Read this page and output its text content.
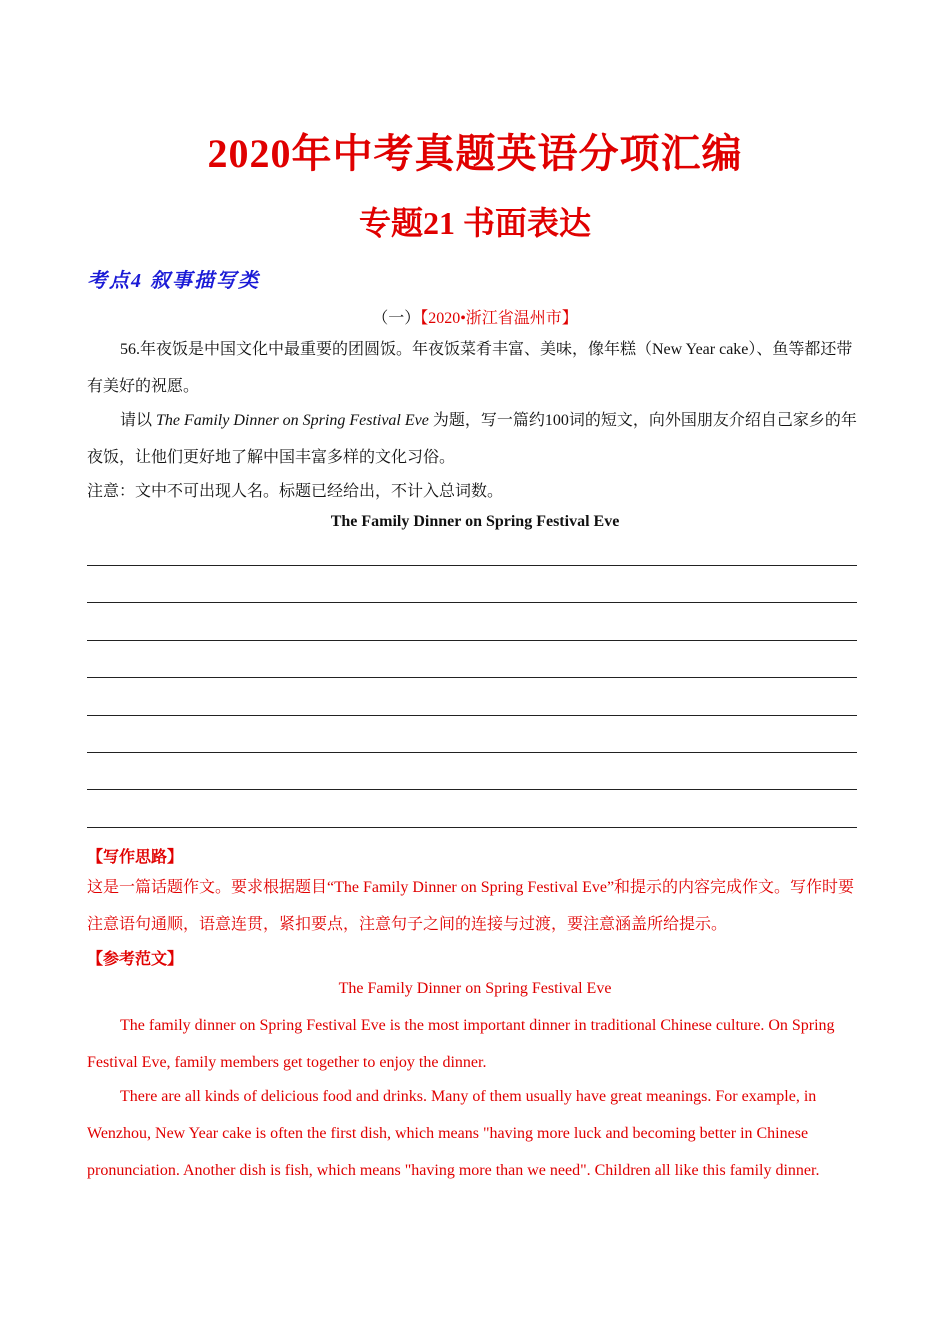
2020年中考真题英语分项汇编
专题21 书面表达
考点4 叙事描写类
（一）【2020•浙江省温州市】
56.年夜饭是中国文化中最重要的团圆饭。年夜饭菜肴丰富、美味，像年糕（New Year cake）、鱼等都还带有美好的祝愿。
请以 The Family Dinner on Spring Festival Eve 为题，写一篇约100词的短文，向外国朋友介绍自己家乡的年夜饭，让他们更好地了解中国丰富多样的文化习俗。
注意：文中不可出现人名。标题已经给出，不计入总词数。
The Family Dinner on Spring Festival Eve
【写作思路】
这是一篇话题作文。要求根据题目“The Family Dinner on Spring Festival Eve”和提示的内容完成作文。写作时要注意语句通顺，语意连贯，紧扣要点，注意句子之间的连接与过渡，要注意涵盖所给提示。
【参考范文】
The Family Dinner on Spring Festival Eve
The family dinner on Spring Festival Eve is the most important dinner in traditional Chinese culture. On Spring Festival Eve, family members get together to enjoy the dinner.
There are all kinds of delicious food and drinks. Many of them usually have great meanings. For example, in Wenzhou, New Year cake is often the first dish, which means "having more luck and becoming better in Chinese pronunciation. Another dish is fish, which means "having more than we need". Children all like this family dinner.
